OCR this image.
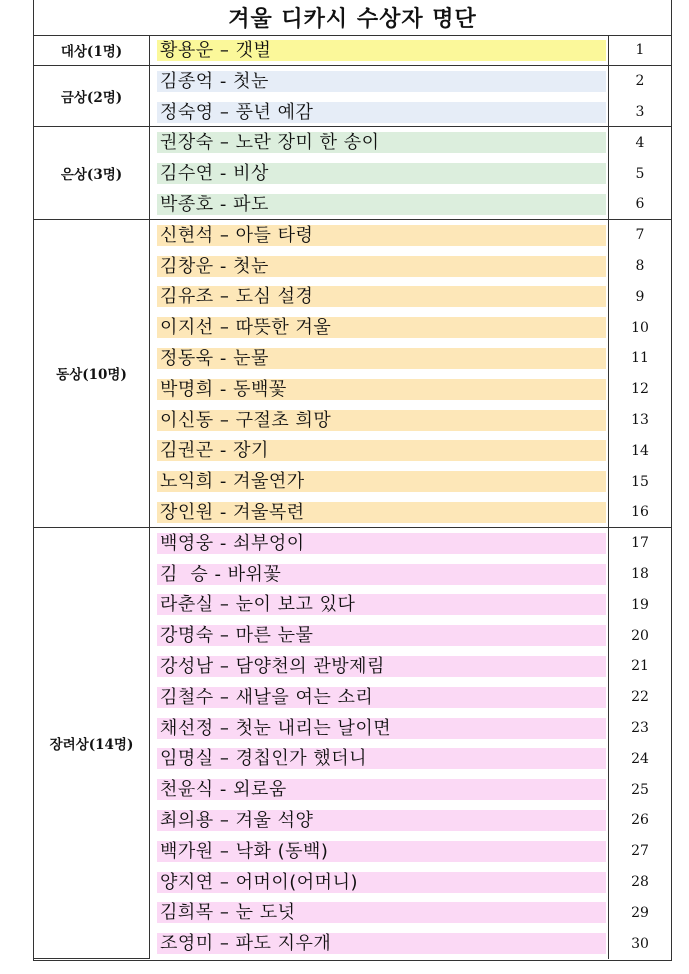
겨울 디카시 수상자 명단
대상(1명)	황용운 – 갯벌	1
금상(2명)
김종억 - 첫눈	2
정숙영 – 풍년 예감	3
은상(3명)
권장숙 – 노란 장미 한 송이	4
김수연 - 비상	5
박종호 - 파도	6
동상(10명)
신현석 – 아들 타령	7
김창운 - 첫눈	8
김유조 – 도심 설경	9
이지선 – 따뜻한 겨울	10
정동욱 - 눈물	11
박명희 - 동백꽃	12
이신동 – 구절초 희망	13
김권곤 - 장기	14
노익희 - 겨울연가	15
장인원 - 겨울목련	16
장려상(14명)
백영웅 - 쇠부엉이	17
김  승 - 바위꽃	18
라춘실 – 눈이 보고 있다	19
강명숙 – 마른 눈물	20
강성남 – 담양천의 관방제림	21
김철수 – 새날을 여는 소리	22
채선정 – 첫눈 내리는 날이면	23
임명실 – 경칩인가 했더니	24
천윤식 - 외로움	25
최의용 – 겨울 석양	26
백가원 – 낙화 (동백)	27
양지연 – 어머이(어머니)	28
김희목 – 눈 도넛	29
조영미 – 파도 지우개	30
